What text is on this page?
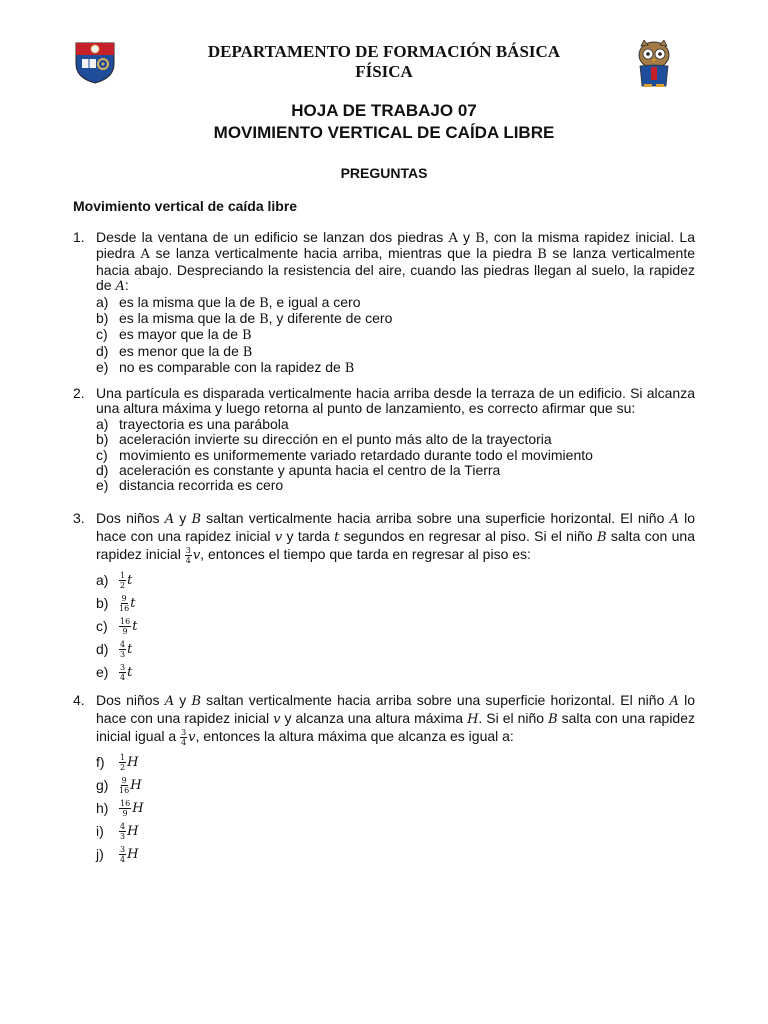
DEPARTAMENTO DE FORMACIÓN BÁSICA
FÍSICA
HOJA DE TRABAJO 07
MOVIMIENTO VERTICAL DE CAÍDA LIBRE
PREGUNTAS
Movimiento vertical de caída libre
1. Desde la ventana de un edificio se lanzan dos piedras A y B, con la misma rapidez inicial. La piedra A se lanza verticalmente hacia arriba, mientras que la piedra B se lanza verticalmente hacia abajo. Despreciando la resistencia del aire, cuando las piedras llegan al suelo, la rapidez de A:
a) es la misma que la de B, e igual a cero
b) es la misma que la de B, y diferente de cero
c) es mayor que la de B
d) es menor que la de B
e) no es comparable con la rapidez de B
2. Una partícula es disparada verticalmente hacia arriba desde la terraza de un edificio. Si alcanza una altura máxima y luego retorna al punto de lanzamiento, es correcto afirmar que su:
a) trayectoria es una parábola
b) aceleración invierte su dirección en el punto más alto de la trayectoria
c) movimiento es uniformemente variado retardado durante todo el movimiento
d) aceleración es constante y apunta hacia el centro de la Tierra
e) distancia recorrida es cero
3. Dos niños A y B saltan verticalmente hacia arriba sobre una superficie horizontal. El niño A lo hace con una rapidez inicial v y tarda t segundos en regresar al piso. Si el niño B salta con una rapidez inicial $\frac{3}{4} v$, entonces el tiempo que tarda en regresar al piso es:
a)	1
2 t
b)	9
16 t
c)	16
9 t
d)	4
3 t
e)	3
4 t
4. Dos niños A y B saltan verticalmente hacia arriba sobre una superficie horizontal. El niño A lo hace con una rapidez inicial v y alcanza una altura máxima H. Si el niño B salta con una rapidez inicial igual a $\frac{3}{4} v$, entonces la altura máxima que alcanza es igual a:
f)	1
2 H
g)	9
16 H
h)	16
9 H
i)	4
3 H
j)	3
4 H
